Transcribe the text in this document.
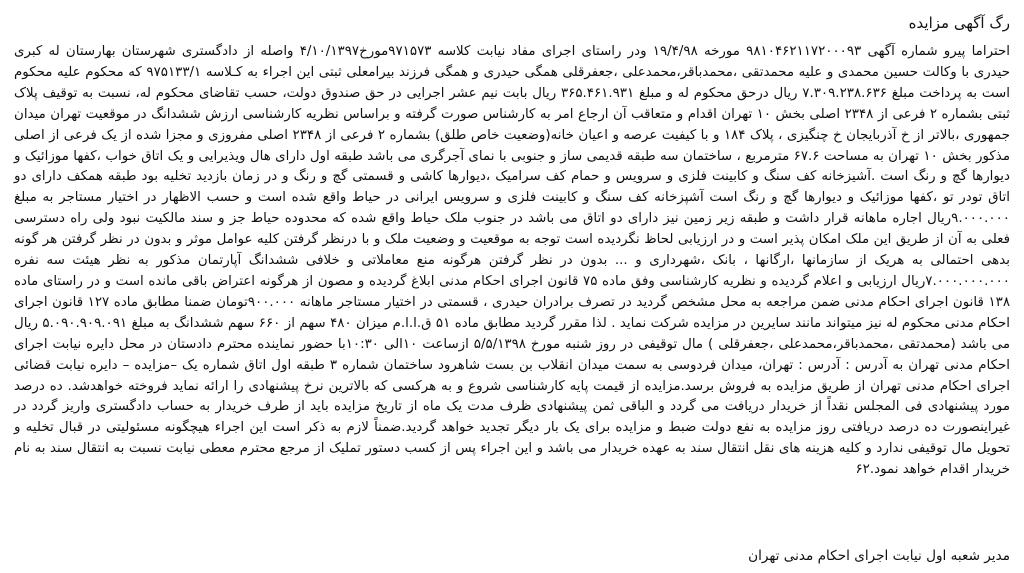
رگ آگهی مزایده

احتراما پیرو شماره آگهی ۹۸۱۰۴۶۲۱۱۷۲۰۰۰۹۳ مورخه ۱۹/۴/۹۸ ودر راستای اجرای مفاد نیابت کلاسه ۹۷۱۵۷۳مورخ۴/۱۰/۱۳۹۷ واصله از دادگستری شهرستان بهارستان له کبری حیدری با وکالت حسین محمدی و علیه محمدتقی ،محمدباقر،محمدعلی ،جعفرقلی همگی حیدری و همگی فرزند بیرامعلی ثبتی این اجراء به کـلاسه ۹۷۵۱۳۳/۱ که محکوم علیه محکوم است به پرداخت مبلغ ۷.۳۰۹.۲۳۸.۶۳۶ ریال درحق محکوم له و مبلغ ۳۶۵.۴۶۱.۹۳۱ ریال بابت نیم عشر اجرایی در حق صندوق دولت، حسب تقاضای محکوم له، نسبت به توقیف پلاک ثبتی بشماره ۲ فرعی از ۲۳۴۸ اصلی بخش ۱۰ تهران اقدام و متعاقب آن ارجاع امر به کارشناس صورت گرفته و براساس نظریه کارشناسی ارزش ششدانگ در موقعیت تهران میدان جمهوری ،بالاتر از خ آذربایجان خ چنگیزی ، پلاک ۱۸۴ و با کیفیت عرصه و اعیان خانه(وضعیت خاص طلق) بشماره ۲ فرعی از ۲۳۴۸ اصلی مفروزی و مجزا شده از یک فرعی از اصلی مذکور بخش ۱۰ تهران به مساحت ۶۷.۶ مترمربع ، ساختمان سه طبقه قدیمی ساز و جنوبی با نمای آجرگری می باشد طبقه اول دارای هال ویذیرایی و یک اتاق خواب ،کفها موزائیک و دیوارها گچ و رنگ است .آشیزخانه کف سنگ و کابینت فلزی و سرویس و حمام کف سرامیک ،دیوارها کاشی و قسمتی گچ و رنگ و در زمان بازدید تخلیه بود طبقه همکف دارای دو اتاق تودر تو ،کفها موزائیک و دیوارها گچ و رنگ است آشپزخانه کف سنگ و کابینت فلزی و سرویس ایرانی در حیاط واقع شده است و حسب الاظهار در اختیار مستاجر به مبلغ ۹.۰۰۰.۰۰۰ریال اجاره ماهانه قرار داشت و طبقه زیر زمین نیز دارای دو اتاق می باشد در جنوب ملک حیاط واقع شده که محدوده حیاط جز و سند مالکیت نبود ولی راه دسترسی فعلی به آن از طریق این ملک امکان پذیر است و در ارزیابی لحاظ نگردیده است توجه به موقعیت و وضعیت ملک و با درنظر گرفتن کلیه عوامل موثر و بدون در نظر گرفتن هر گونه بدهی احتمالی به هریک از سازمانها ،ارگانها ، بانک ،شهرداری و ... بدون در نظر گرفتن هرگونه منع معاملاتی و خلافی ششدانگ آپارتمان مذکور به نظر هیئت سه نفره ۷.۰۰۰.۰۰۰.۰۰۰ریال ارزیابی و اعلام گردیده و نظریه کارشناسی وفق ماده ۷۵ قانون اجرای احکام مدنی ابلاغ گردیده و مصون از هرگونه اعتراض باقی مانده است و در راستای ماده ۱۳۸ قانون اجرای احکام مدنی ضمن مراجعه به محل مشخص گردید در تصرف برادران حیدری ، قسمتی در اختیار مستاجر ماهانه ۹۰۰.۰۰۰تومان ضمنا مطابق ماده ۱۲۷ قانون اجرای احکام مدنی محکوم له نیز میتواند مانند سایرین در مزایده شرکت نماید . لذا مقرر گردید مطابق ماده ۵۱ ق.ا.ا.م میزان ۴۸۰ سهم از ۶۶۰ سهم ششدانگ به مبلغ ۵.۰۹۰.۹۰۹.۰۹۱ ریال می باشد (محمدتقی ،محمدباقر،محمدعلی ،جعفرقلی ) مال توقیفی در روز شنبه مورخ ۵/۵/۱۳۹۸ ازساعت ۱۰الی ۱۰:۳۰با حضور نماینده محترم دادستان در محل دایره نیابت اجرای احکام مدنی تهران به آدرس : آدرس : تهران، میدان فردوسی به سمت میدان انقلاب بن بست شاهرود ساختمان شماره ۳ طبقه اول اتاق شماره یک –مزایده – دایره نیابت قضائی اجرای احکام مدنی تهران از طریق مزایده به فروش برسد.مزایده از قیمت پایه کارشناسی شروع و به هرکسی که بالاترین نرخ پیشنهادی را ارائه نماید فروخته خواهدشد. ده درصد مورد پیشنهادی فی المجلس نقداً از خریدار دریافت می گردد و الباقی ثمن پیشنهادی ظرف مدت یک ماه از تاریخ مزایده باید از طرف خریدار به حساب دادگستری واریز گردد در غیراینصورت ده درصد دریافتی روز مزایده به نفع دولت ضبط و مزایده برای یک بار دیگر تجدید خواهد گردید.ضمناً لازم به ذکر است این اجراء هیچگونه مسئولیتی در قبال تخلیه و تحویل مال توقیفی ندارد و کلیه هزینه های نقل انتقال سند به عهده خریدار می باشد و این اجراء پس از کسب دستور تملیک از مرجع محترم معطی نیابت نسبت به انتقال سند به نام خریدار اقدام خواهد نمود.۶۲

مدیر شعبه اول نیابت اجرای احکام مدنی تهران
